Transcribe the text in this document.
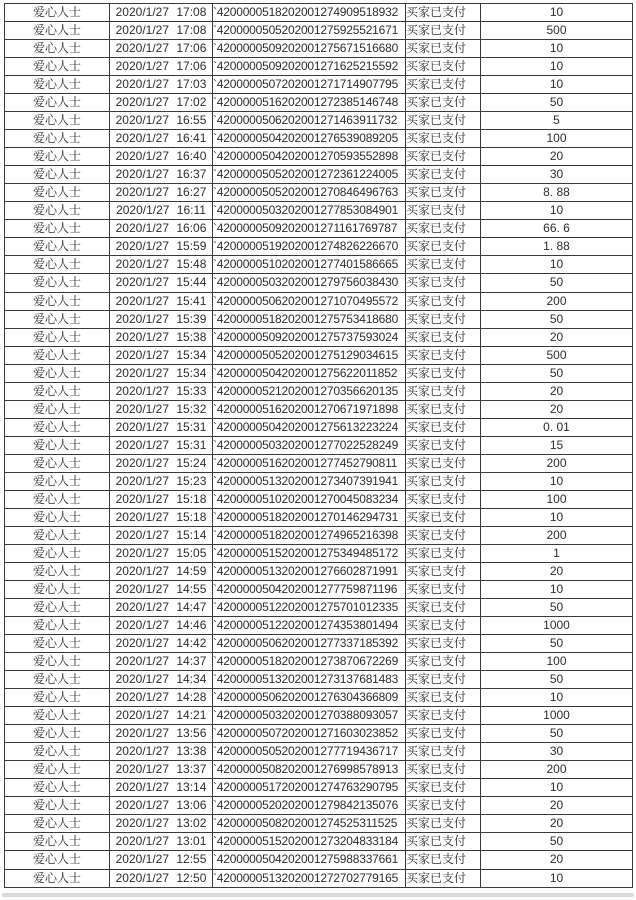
爱心人士	2020/1/27 17:08	`4200000518202001274909518932	买家已支付	10
爱心人士	2020/1/27 17:08	`4200000505202001275925521671	买家已支付	500
爱心人士	2020/1/27 17:06	`4200000509202001275671516680	买家已支付	10
爱心人士	2020/1/27 17:06	`4200000509202001271625215592	买家已支付	10
爱心人士	2020/1/27 17:03	`4200000507202001271714907795	买家已支付	10
爱心人士	2020/1/27 17:02	`4200000516202001272385146748	买家已支付	50
爱心人士	2020/1/27 16:55	`4200000506202001271463911732	买家已支付	5
爱心人士	2020/1/27 16:41	`4200000504202001276539089205	买家已支付	100
爱心人士	2020/1/27 16:40	`4200000504202001270593552898	买家已支付	20
爱心人士	2020/1/27 16:37	`4200000505202001272361224005	买家已支付	30
爱心人士	2020/1/27 16:27	`4200000505202001270846496763	买家已支付	8. 88
爱心人士	2020/1/27 16:11	`4200000503202001277853084901	买家已支付	10
爱心人士	2020/1/27 16:06	`4200000509202001271161769787	买家已支付	66. 6
爱心人士	2020/1/27 15:59	`4200000519202001274826226670	买家已支付	1. 88
爱心人士	2020/1/27 15:48	`4200000510202001277401586665	买家已支付	10
爱心人士	2020/1/27 15:44	`4200000503202001279756038430	买家已支付	50
爱心人士	2020/1/27 15:41	`4200000506202001271070495572	买家已支付	200
爱心人士	2020/1/27 15:39	`4200000518202001275753418680	买家已支付	50
爱心人士	2020/1/27 15:38	`4200000509202001275737593024	买家已支付	20
爱心人士	2020/1/27 15:34	`4200000505202001275129034615	买家已支付	500
爱心人士	2020/1/27 15:34	`4200000504202001275622011852	买家已支付	50
爱心人士	2020/1/27 15:33	`4200000521202001270356620135	买家已支付	20
爱心人士	2020/1/27 15:32	`4200000516202001270671971898	买家已支付	20
爱心人士	2020/1/27 15:31	`4200000504202001275613223224	买家已支付	0. 01
爱心人士	2020/1/27 15:31	`4200000503202001277022528249	买家已支付	15
爱心人士	2020/1/27 15:24	`4200000516202001277452790811	买家已支付	200
爱心人士	2020/1/27 15:23	`4200000513202001273407391941	买家已支付	10
爱心人士	2020/1/27 15:18	`4200000510202001270045083234	买家已支付	100
爱心人士	2020/1/27 15:18	`4200000518202001270146294731	买家已支付	10
爱心人士	2020/1/27 15:14	`4200000518202001274965216398	买家已支付	200
爱心人士	2020/1/27 15:05	`4200000515202001275349485172	买家已支付	1
爱心人士	2020/1/27 14:59	`4200000513202001276602871991	买家已支付	20
爱心人士	2020/1/27 14:55	`4200000504202001277759871196	买家已支付	10
爱心人士	2020/1/27 14:47	`4200000512202001275701012335	买家已支付	50
爱心人士	2020/1/27 14:46	`4200000512202001274353801494	买家已支付	1000
爱心人士	2020/1/27 14:42	`4200000506202001277337185392	买家已支付	50
爱心人士	2020/1/27 14:37	`4200000518202001273870672269	买家已支付	100
爱心人士	2020/1/27 14:34	`4200000513202001273137681483	买家已支付	50
爱心人士	2020/1/27 14:28	`4200000506202001276304366809	买家已支付	10
爱心人士	2020/1/27 14:21	`4200000503202001270388093057	买家已支付	1000
爱心人士	2020/1/27 13:56	`4200000507202001271603023852	买家已支付	50
爱心人士	2020/1/27 13:38	`4200000505202001277719436717	买家已支付	30
爱心人士	2020/1/27 13:37	`4200000508202001276998578913	买家已支付	200
爱心人士	2020/1/27 13:14	`4200000517202001274763290795	买家已支付	10
爱心人士	2020/1/27 13:06	`4200000520202001279842135076	买家已支付	20
爱心人士	2020/1/27 13:02	`4200000508202001274525311525	买家已支付	20
爱心人士	2020/1/27 13:01	`4200000515202001273204833184	买家已支付	50
爱心人士	2020/1/27 12:55	`4200000504202001275988337661	买家已支付	20
爱心人士	2020/1/27 12:50	`4200000513202001272702779165	买家已支付	10
